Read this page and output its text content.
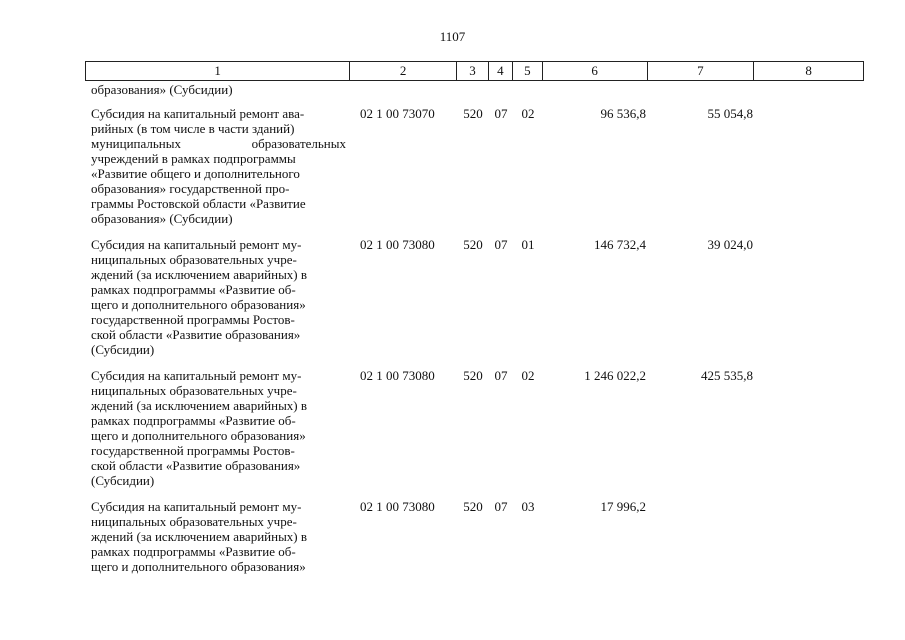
1107
1	2	3	4	5	6	7	8
образования» (Субсидии)
Субсидия на капитальный ремонт ава-
рийных (в том числе в части зданий)
муниципальных образовательных
учреждений в рамках подпрограммы
«Развитие общего и дополнительного
образования» государственной про-
граммы Ростовской области «Развитие
образования» (Субсидии)
02 1 00 73070	520 07	02	96 536,8	55 054,8
Субсидия на капитальный ремонт му-
ниципальных образовательных учре-
ждений (за исключением аварийных) в
рамках подпрограммы «Развитие об-
щего и дополнительного образования»
государственной программы Ростов-
ской области «Развитие образования»
(Субсидии)
02 1 00 73080	520 07	01	146 732,4	39 024,0
Субсидия на капитальный ремонт му-
ниципальных образовательных учре-
ждений (за исключением аварийных) в
рамках подпрограммы «Развитие об-
щего и дополнительного образования»
государственной программы Ростов-
ской области «Развитие образования»
(Субсидии)
02 1 00 73080	520 07	02	1 246 022,2	425 535,8
Субсидия на капитальный ремонт му-
ниципальных образовательных учре-
ждений (за исключением аварийных) в
рамках подпрограммы «Развитие об-
щего и дополнительного образования»
02 1 00 73080	520 07	03	17 996,2
